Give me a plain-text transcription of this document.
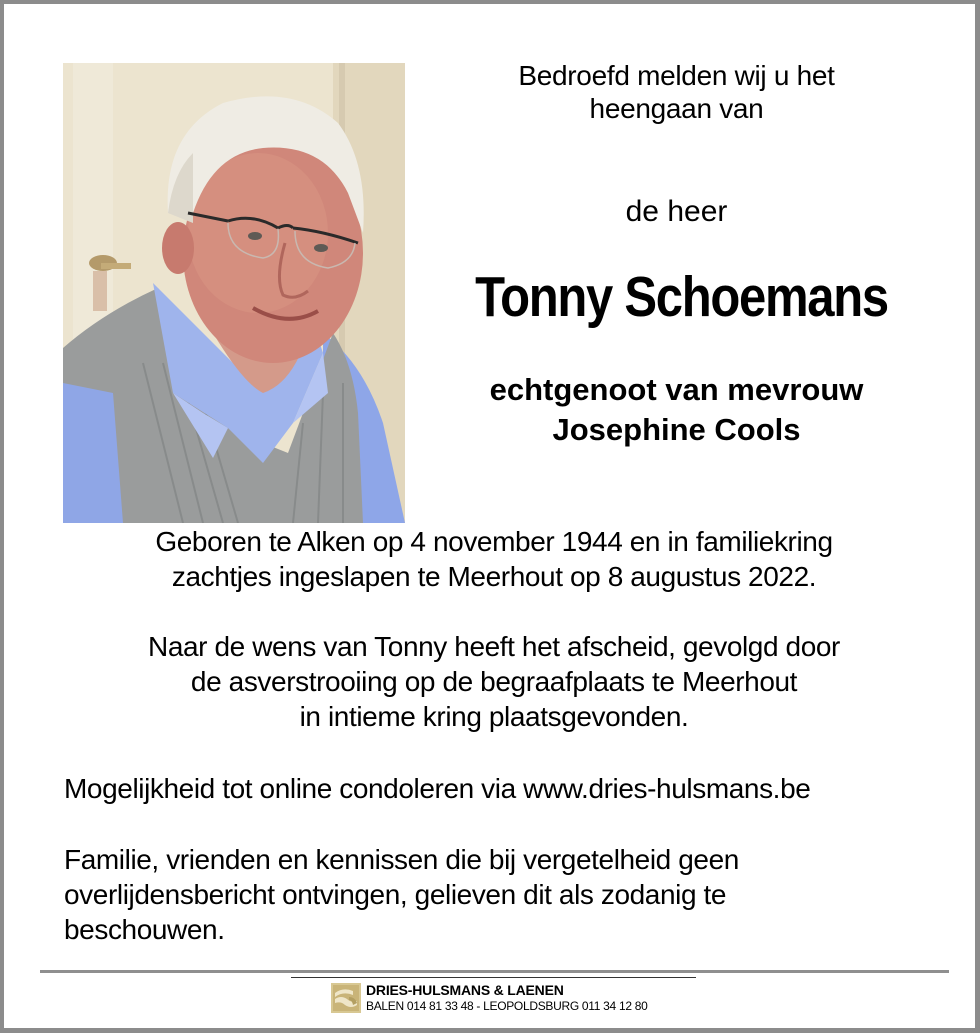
Bedroefd melden wij u het
heengaan van
de heer
Tonny Schoemans
echtgenoot van mevrouw
Josephine Cools
Geboren te Alken op 4 november 1944 en in familiekring
zachtjes ingeslapen te Meerhout op 8 augustus 2022.
Naar de wens van Tonny heeft het afscheid, gevolgd door
de asverstrooiing op de begraafplaats te Meerhout
in intieme kring plaatsgevonden.
Mogelijkheid tot online condoleren via www.dries-hulsmans.be
Familie, vrienden en kennissen die bij vergetelheid geen
overlijdensbericht ontvingen, gelieven dit als zodanig te
beschouwen.
DRIES-HULSMANS & LAENEN
BALEN 014 81 33 48 - LEOPOLDSBURG 011 34 12 80
